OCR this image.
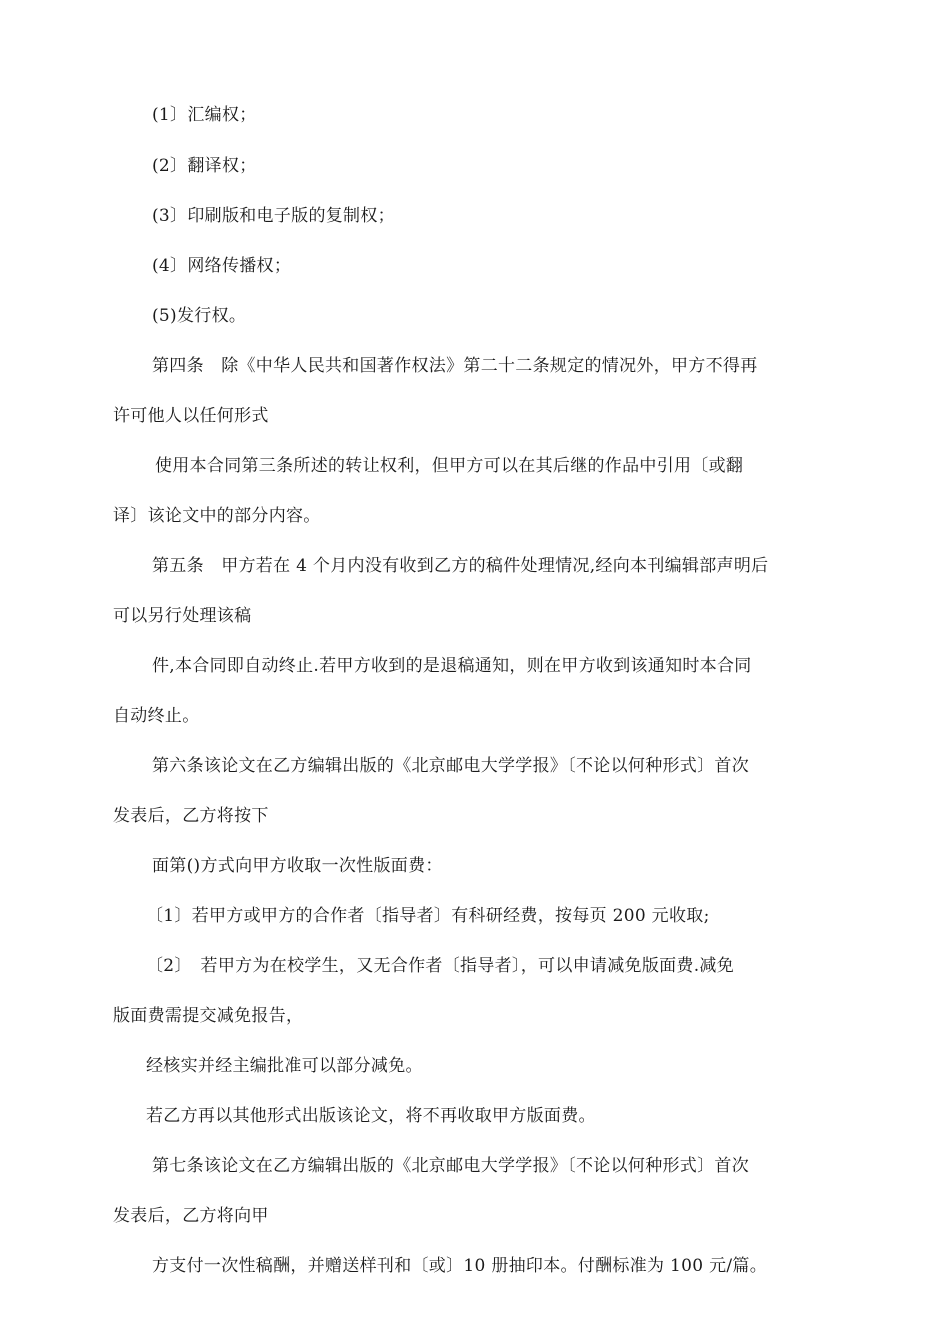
(1〕汇编权；
(2〕翻译权；
(3〕印刷版和电子版的复制权；
(4〕网络传播权；
(5)发行权。
第四条　除《中华人民共和国著作权法》第二十二条规定的情况外，甲方不得再
许可他人以任何形式
使用本合同第三条所述的转让权利，但甲方可以在其后继的作品中引用〔或翻
译〕该论文中的部分内容。
第五条　甲方若在 4 个月内没有收到乙方的稿件处理情况,经向本刊编辑部声明后
可以另行处理该稿
件,本合同即自动终止.若甲方收到的是退稿通知，则在甲方收到该通知时本合同
自动终止。
第六条该论文在乙方编辑出版的《北京邮电大学学报》〔不论以何种形式〕首次
发表后，乙方将按下
面第()方式向甲方收取一次性版面费：
〔1〕若甲方或甲方的合作者〔指导者〕有科研经费，按每页 200 元收取;
〔2〕　若甲方为在校学生，又无合作者〔指导者〕，可以申请减免版面费.减免
版面费需提交减免报告，
经核实并经主编批准可以部分减免。
若乙方再以其他形式出版该论文，将不再收取甲方版面费。
第七条该论文在乙方编辑出版的《北京邮电大学学报》〔不论以何种形式〕首次
发表后，乙方将向甲
方支付一次性稿酬，并赠送样刊和〔或〕10 册抽印本。付酬标准为 100 元/篇。
